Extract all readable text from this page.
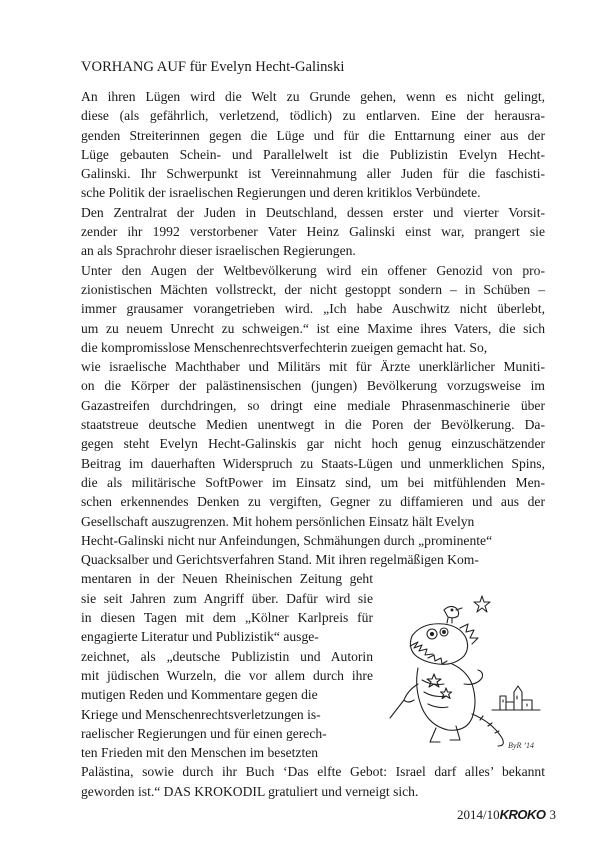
VORHANG AUF für Evelyn Hecht-Galinski
An ihren Lügen wird die Welt zu Grunde gehen, wenn es nicht gelingt,
diese (als gefährlich, verletzend, tödlich) zu entlarven. Eine der herausra-
genden Streiterinnen gegen die Lüge und für die Enttarnung einer aus der
Lüge gebauten Schein- und Parallelwelt ist die Publizistin Evelyn Hecht-
Galinski. Ihr Schwerpunkt ist Vereinnahmung aller Juden für die faschisti-
sche Politik der israelischen Regierungen und deren kritiklos Verbündete.
Den Zentralrat der Juden in Deutschland, dessen erster und vierter Vorsit-
zender ihr 1992 verstorbener Vater Heinz Galinski einst war, prangert sie
an als Sprachrohr dieser israelischen Regierungen.
Unter den Augen der Weltbevölkerung wird ein offener Genozid von pro-
zionistischen Mächten vollstreckt, der nicht gestoppt sondern – in Schüben –
immer grausamer vorangetrieben wird. „Ich habe Auschwitz nicht überlebt,
um zu neuem Unrecht zu schweigen.“ ist eine Maxime ihres Vaters, die sich
die kompromisslose Menschenrechtsverfechterin zueigen gemacht hat. So,
wie israelische Machthaber und Militärs mit für Ärzte unerklärlicher Muniti-
on die Körper der palästinensischen (jungen) Bevölkerung vorzugsweise im
Gazastreifen durchdringen, so dringt eine mediale Phrasenmaschinerie über
staatstreue deutsche Medien unentwegt in die Poren der Bevölkerung. Da-
gegen steht Evelyn Hecht-Galinskis gar nicht hoch genug einzuschätzender
Beitrag im dauerhaften Widerspruch zu Staats-Lügen und unmerklichen Spins,
die als militärische SoftPower im Einsatz sind, um bei mitfühlenden Men-
schen erkennendes Denken zu vergiften, Gegner zu diffamieren und aus der
Gesellschaft auszugrenzen. Mit hohem persönlichen Einsatz hält Evelyn
Hecht-Galinski nicht nur Anfeindungen, Schmähungen durch „prominente“
Quacksalber und Gerichtsverfahren Stand. Mit ihren regelmäßigen Kom-
mentaren in der Neuen Rheinischen Zeitung geht
sie seit Jahren zum Angriff über. Dafür wird sie
in diesen Tagen mit dem „Kölner Karlpreis für
engagierte Literatur und Publizistik“ ausge-
zeichnet, als „deutsche Publizistin und Autorin
mit jüdischen Wurzeln, die vor allem durch ihre
mutigen Reden und Kommentare gegen die
Kriege und Menschenrechtsverletzungen is-
raelischer Regierungen und für einen gerech-
ten Frieden mit den Menschen im besetzten
Palästina, sowie durch ihr Buch ‘Das elfte Gebot: Israel darf alles’ bekannt
geworden ist.“ DAS KROKODIL gratuliert und verneigt sich.
ByR ’14
2014/10KROKO 3
